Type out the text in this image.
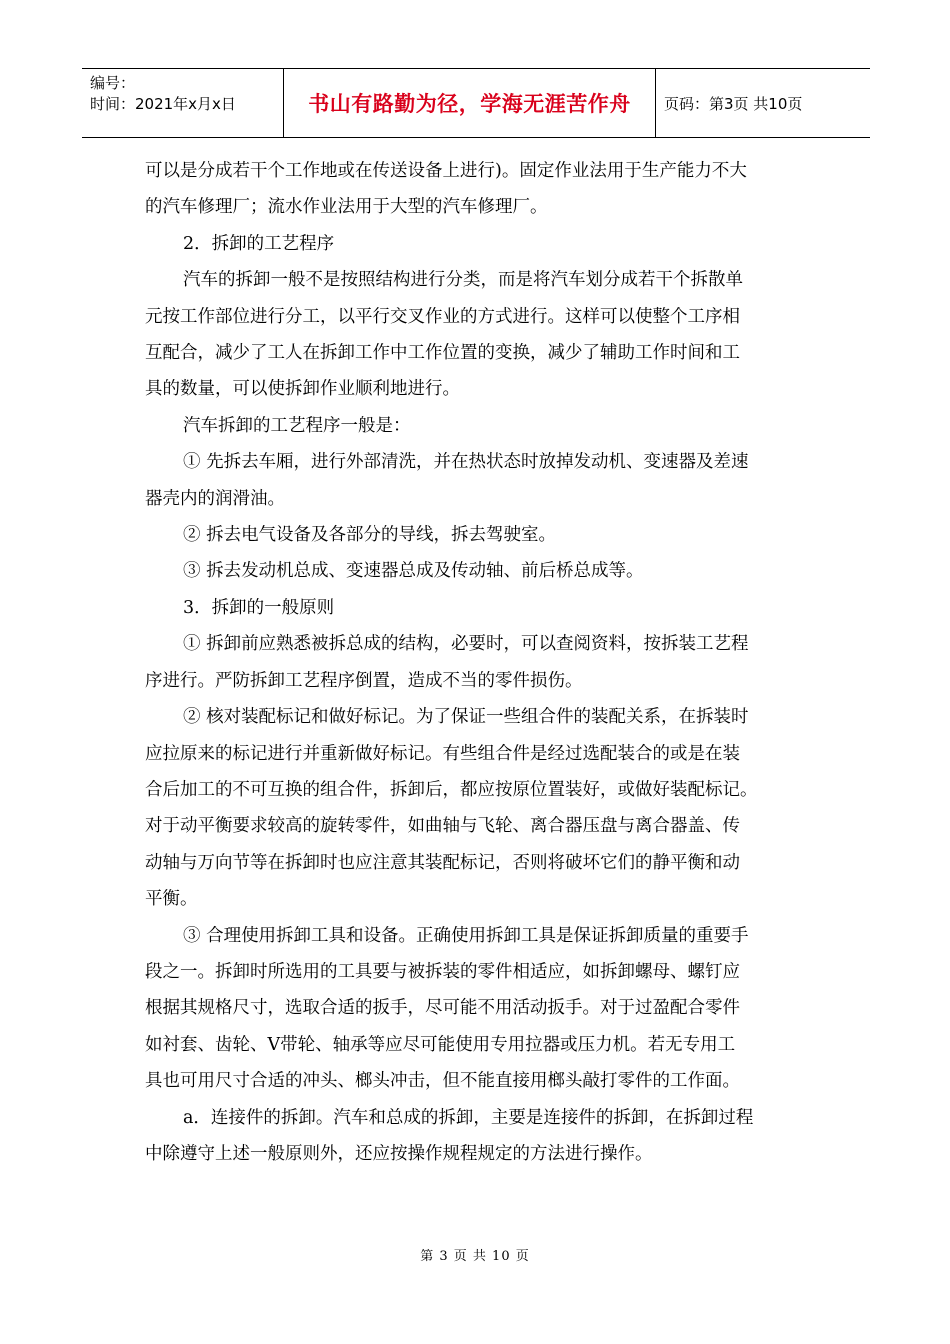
编号：
时间：2021年x月x日	书山有路勤为径，学海无涯苦作舟 页码：第3页 共10页
可以是分成若干个工作地或在传送设备上进行)。固定作业法用于生产能力不大
的汽车修理厂；流水作业法用于大型的汽车修理厂。
2．拆卸的工艺程序
汽车的拆卸一般不是按照结构进行分类，而是将汽车划分成若干个拆散单
元按工作部位进行分工，以平行交叉作业的方式进行。这样可以使整个工序相
互配合，减少了工人在拆卸工作中工作位置的变换，减少了辅助工作时间和工
具的数量，可以使拆卸作业顺利地进行。
汽车拆卸的工艺程序一般是：
① 先拆去车厢，进行外部清洗，并在热状态时放掉发动机、变速器及差速
器壳内的润滑油。
② 拆去电气设备及各部分的导线，拆去驾驶室。
③ 拆去发动机总成、变速器总成及传动轴、前后桥总成等。
3．拆卸的一般原则
① 拆卸前应熟悉被拆总成的结构，必要时，可以查阅资料，按拆装工艺程
序进行。严防拆卸工艺程序倒置，造成不当的零件损伤。
② 核对装配标记和做好标记。为了保证一些组合件的装配关系，在拆装时
应拉原来的标记进行并重新做好标记。有些组合件是经过选配装合的或是在装
合后加工的不可互换的组合件，拆卸后，都应按原位置装好，或做好装配标记。
对于动平衡要求较高的旋转零件，如曲轴与飞轮、离合器压盘与离合器盖、传
动轴与万向节等在拆卸时也应注意其装配标记，否则将破坏它们的静平衡和动
平衡。
③ 合理使用拆卸工具和设备。正确使用拆卸工具是保证拆卸质量的重要手
段之一。拆卸时所选用的工具要与被拆装的零件相适应，如拆卸螺母、螺钉应
根据其规格尺寸，选取合适的扳手，尽可能不用活动扳手。对于过盈配合零件
如衬套、齿轮、V带轮、轴承等应尽可能使用专用拉器或压力机。若无专用工
具也可用尺寸合适的冲头、榔头冲击，但不能直接用榔头敲打零件的工作面。
a．连接件的拆卸。汽车和总成的拆卸，主要是连接件的拆卸，在拆卸过程
中除遵守上述一般原则外，还应按操作规程规定的方法进行操作。
第 3 页 共 10 页
